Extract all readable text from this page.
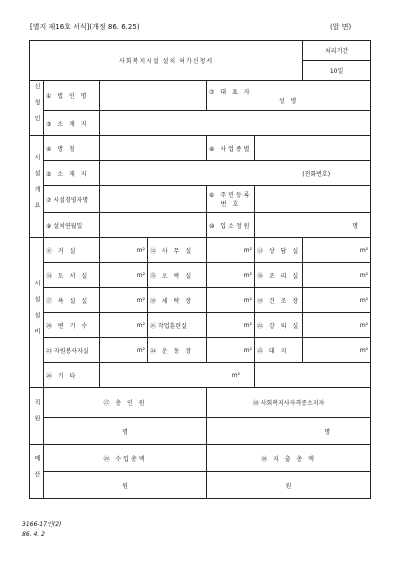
[별지 제16호 서식](개정 86. 6.25)	(앞 면)
사회복지시설 설치 허가신청서						처리기간
						10일
신청인	① 법 인 명			⑦ 대 표 자
성 명		

	③ 소 재 지					
시설개요	④ 명 칭			⑧ 사업종별		
	⑤ 소 재 지	(전화번호)				
	⑦ 시설경영자명			⑥ 주민등록
번 호		

	⑨ 설치연월일			⑩ 입소정원	명	
시설설비	⑪ 거 실	m²	⑫ 사 무 실	m²	⑬ 상 담 실	m²
	⑭ 도 서 실	m²	⑮ 오 락 실	m²	⑯ 조 리 실	m²
	⑰ 욕 실 실	m²	⑱ 세 탁 장	m²	⑲ 건 조 장	m²
	⑳ 변 기 수	m²	㉑ 작업훈련실	m²	㉒ 강 의 실	m²
	㉓ 자원봉사자실	m²	㉔ 운 동 장	m²	㉕ 대 지	m²
	㉖ 기 타	m²				
직원	㉗ 총 인 원			㉘ 사회복지사자격증소지자		
	명			명		
예산	㉙ 수입총액			㉚ 지 출 총 액		
	원			원		
3166-17인(2)
86. 4. 2
